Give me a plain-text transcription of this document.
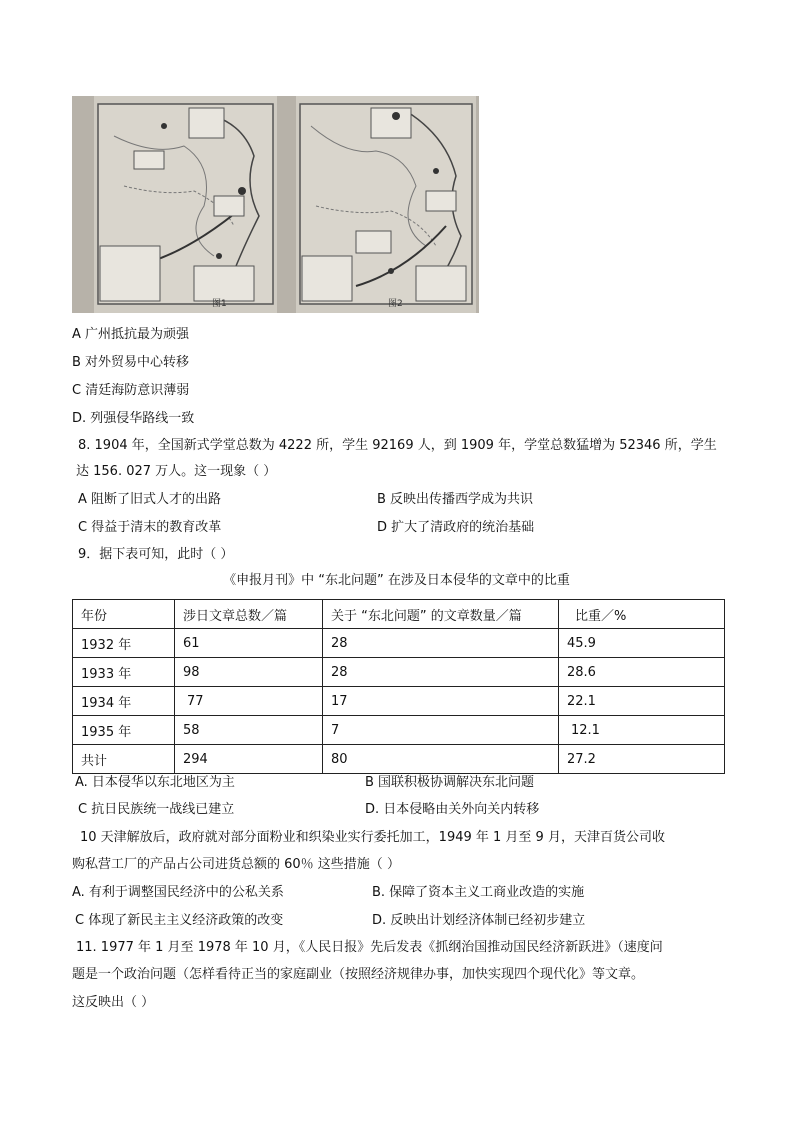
图1	图2
A 广州抵抗最为顽强
B 对外贸易中心转移
C 清廷海防意识薄弱
D. 列强侵华路线一致
8. 1904 年，全国新式学堂总数为 4222 所，学生 92169 人，到 1909 年，学堂总数猛增为 52346 所，学生
达 156. 027 万人。这一现象（ ）
A 阻断了旧式人才的出路	B 反映出传播西学成为共识
C 得益于清末的教育改革	D 扩大了清政府的统治基础
9．据下表可知，此时（ ）
《申报月刊》中 “东北问题” 在涉及日本侵华的文章中的比重
年份	涉日文章总数／篇	关于 “东北问题” 的文章数量／篇	比重／%
1932 年	61	28	45.9
1933 年	98	28	28.6
1934 年	77	17	22.1
1935 年	58	7	12.1
共计	294	80	27.2
A. 日本侵华以东北地区为主	B 国联积极协调解决东北问题
C 抗日民族统一战线已建立	D. 日本侵略由关外向关内转移
10 天津解放后，政府就对部分面粉业和织染业实行委托加工，1949 年 1 月至 9 月，天津百货公司收
购私营工厂的产品占公司进货总额的 60％ 这些措施（ ）
A. 有利于调整国民经济中的公私关系	B. 保障了资本主义工商业改造的实施
C 体现了新民主主义经济政策的改变	D. 反映出计划经济体制已经初步建立
11. 1977 年 1 月至 1978 年 10 月，《人民日报》先后发表《抓纲治国推动国民经济新跃进》（速度问
题是一个政治问题（怎样看待正当的家庭副业（按照经济规律办事，加快实现四个现代化》等文章。
这反映出（ ）
